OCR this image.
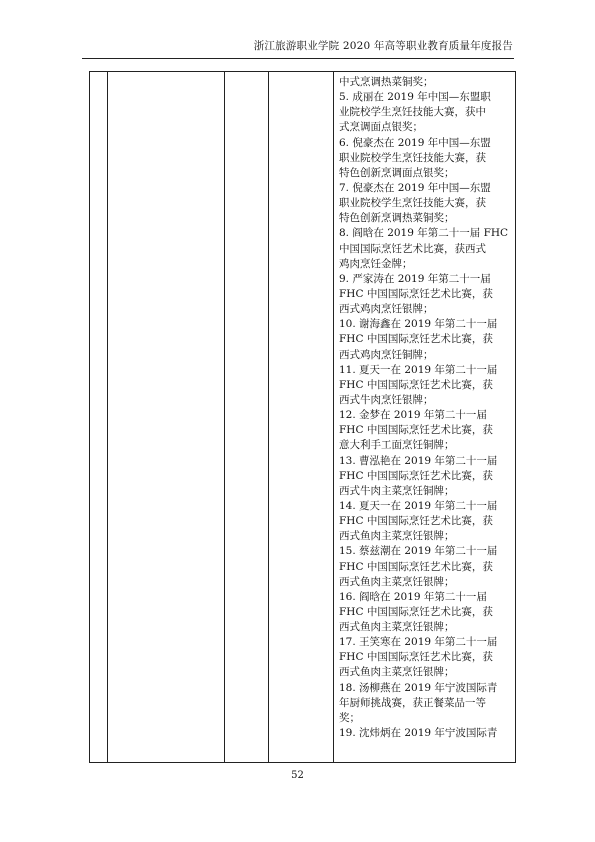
浙江旅游职业学院 2020 年高等职业教育质量年度报告
中式烹调热菜铜奖；
5. 成丽在 2019 年中国—东盟职
业院校学生烹饪技能大赛，获中
式烹调面点银奖；
6. 倪豪杰在 2019 年中国—东盟
职业院校学生烹饪技能大赛，获
特色创新烹调面点银奖；
7. 倪豪杰在 2019 年中国—东盟
职业院校学生烹饪技能大赛，获
特色创新烹调热菜铜奖；
8. 阎晗在 2019 年第二十一届 FHC
中国国际烹饪艺术比赛，获西式
鸡肉烹饪金牌；
9. 严家涛在 2019 年第二十一届
FHC 中国国际烹饪艺术比赛，获
西式鸡肉烹饪银牌；
10. 谢海鑫在 2019 年第二十一届
FHC 中国国际烹饪艺术比赛，获
西式鸡肉烹饪铜牌；
11. 夏天一在 2019 年第二十一届
FHC 中国国际烹饪艺术比赛，获
西式牛肉烹饪银牌；
12. 金梦在 2019 年第二十一届
FHC 中国国际烹饪艺术比赛，获
意大利手工面烹饪铜牌；
13. 曹泓艳在 2019 年第二十一届
FHC 中国国际烹饪艺术比赛，获
西式牛肉主菜烹饪铜牌；
14. 夏天一在 2019 年第二十一届
FHC 中国国际烹饪艺术比赛，获
西式鱼肉主菜烹饪银牌；
15. 蔡兹潮在 2019 年第二十一届
FHC 中国国际烹饪艺术比赛，获
西式鱼肉主菜烹饪银牌；
16. 阎晗在 2019 年第二十一届
FHC 中国国际烹饪艺术比赛，获
西式鱼肉主菜烹饪银牌；
17. 王笑寒在 2019 年第二十一届
FHC 中国国际烹饪艺术比赛，获
西式鱼肉主菜烹饪银牌；
18. 汤柳燕在 2019 年宁波国际青
年厨师挑战赛，获正餐菜品一等
奖；
19. 沈炜炳在 2019 年宁波国际青
52
